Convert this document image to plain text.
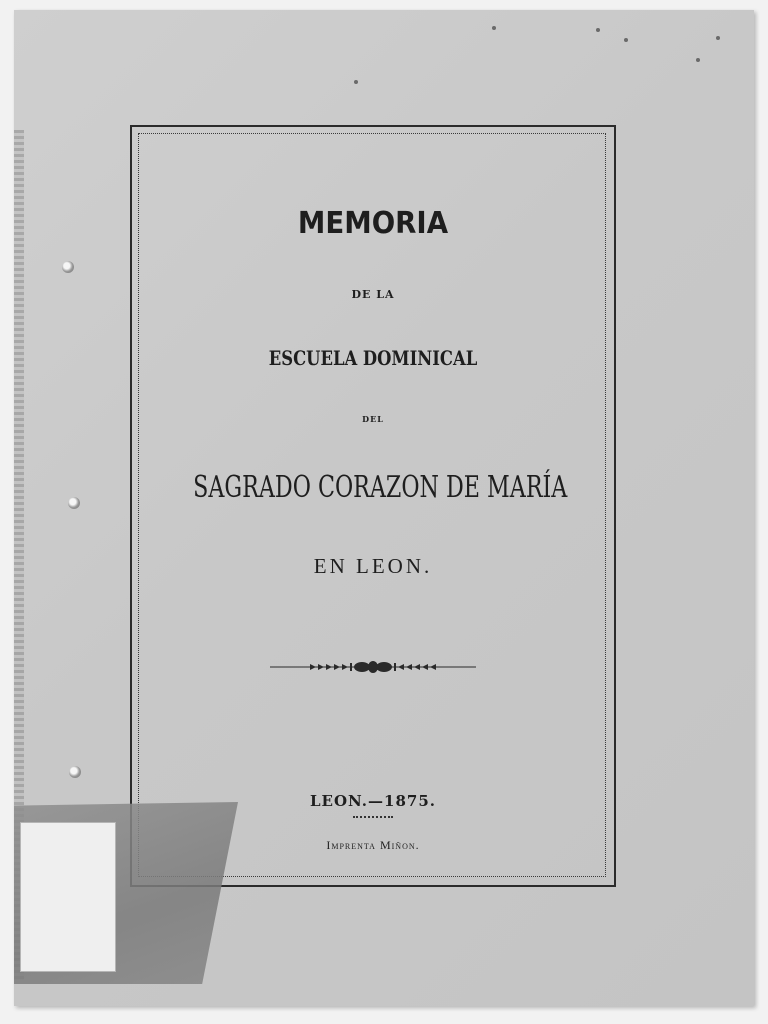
MEMORIA
DE LA
ESCUELA DOMINICAL
DEL
SAGRADO CORAZON DE MARÍA
EN LEON.
LEON.—1875.
Imprenta Miñon.
